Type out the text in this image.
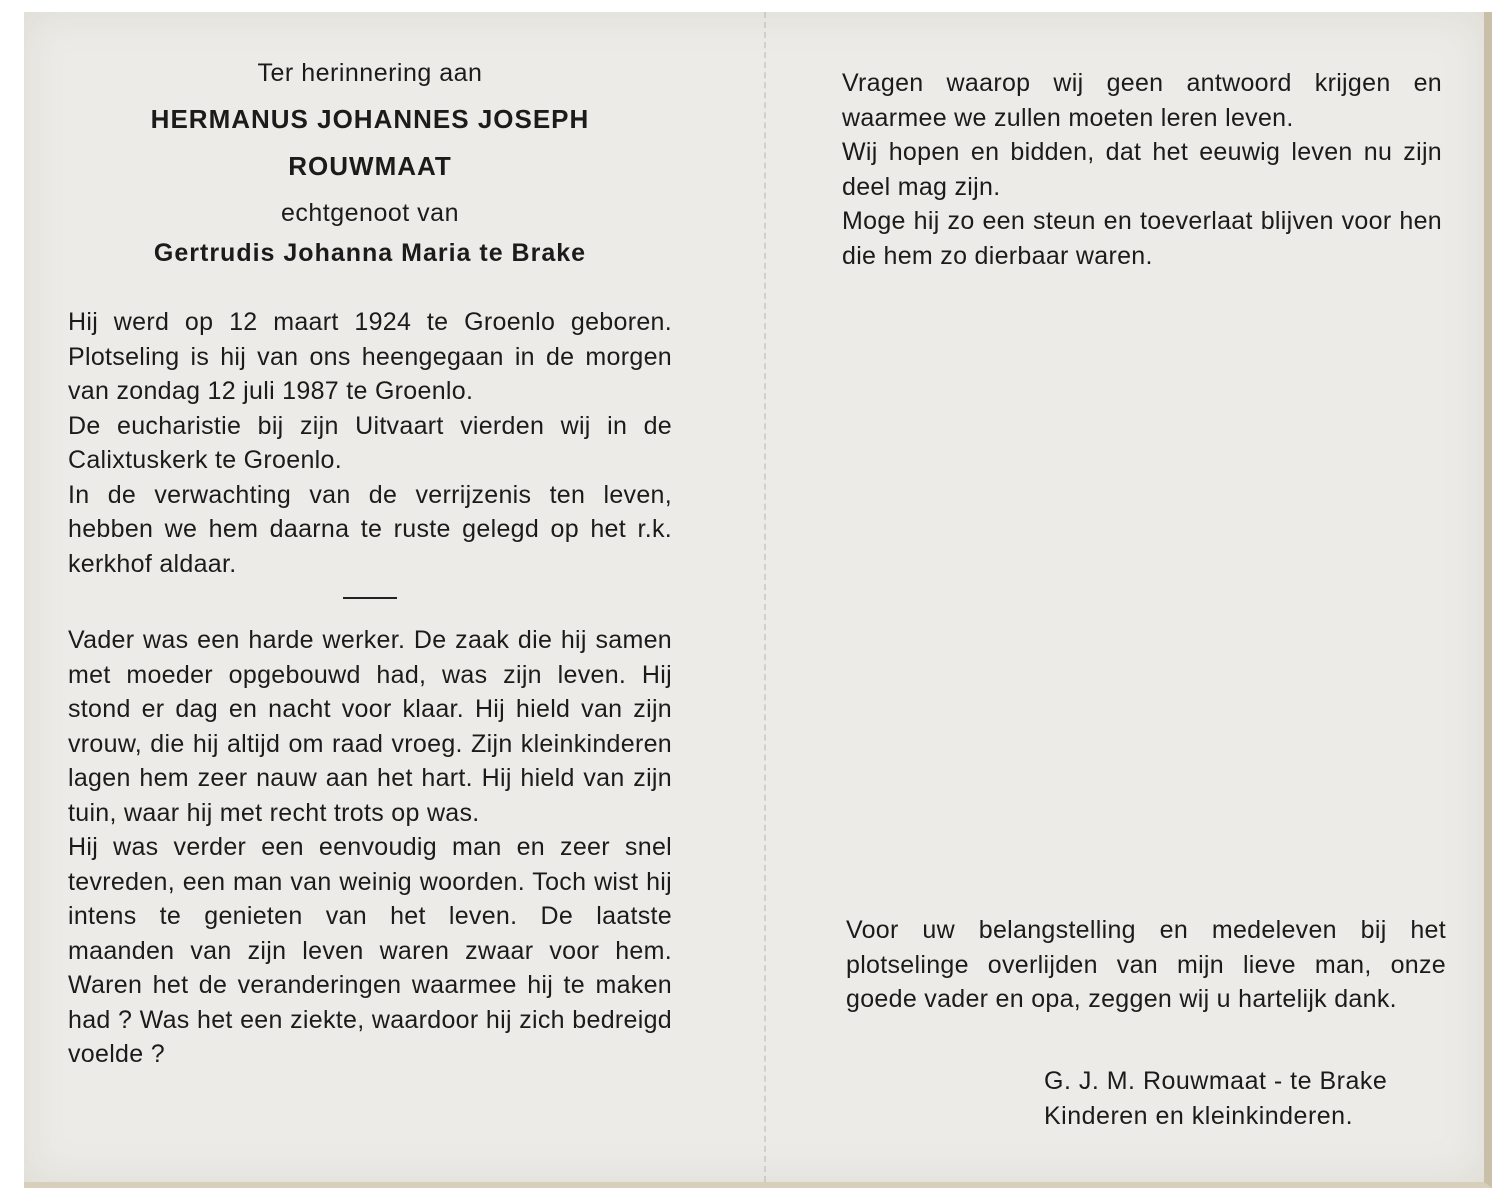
Ter herinnering aan
HERMANUS JOHANNES JOSEPH
ROUWMAAT
echtgenoot van
Gertrudis Johanna Maria te Brake

Hij werd op 12 maart 1924 te Groenlo geboren. Plotseling is hij van ons heengegaan in de morgen van zondag 12 juli 1987 te Groenlo.

De eucharistie bij zijn Uitvaart vierden wij in de Calixtuskerk te Groenlo.

In de verwachting van de verrijzenis ten leven, hebben we hem daarna te ruste gelegd op het r.k. kerkhof aldaar.

Vader was een harde werker. De zaak die hij samen met moeder opgebouwd had, was zijn leven. Hij stond er dag en nacht voor klaar. Hij hield van zijn vrouw, die hij altijd om raad vroeg. Zijn kleinkinderen lagen hem zeer nauw aan het hart. Hij hield van zijn tuin, waar hij met recht trots op was.

Hij was verder een eenvoudig man en zeer snel tevreden, een man van weinig woorden. Toch wist hij intens te genieten van het leven. De laatste maanden van zijn leven waren zwaar voor hem. Waren het de veranderingen waarmee hij te maken had ? Was het een ziekte, waardoor hij zich bedreigd voelde ?

Vragen waarop wij geen antwoord krijgen en waarmee we zullen moeten leren leven.

Wij hopen en bidden, dat het eeuwig leven nu zijn deel mag zijn.

Moge hij zo een steun en toeverlaat blijven voor hen die hem zo dierbaar waren.

Voor uw belangstelling en medeleven bij het plotselinge overlijden van mijn lieve man, onze goede vader en opa, zeggen wij u hartelijk dank.

G. J. M. Rouwmaat - te Brake
Kinderen en kleinkinderen.
